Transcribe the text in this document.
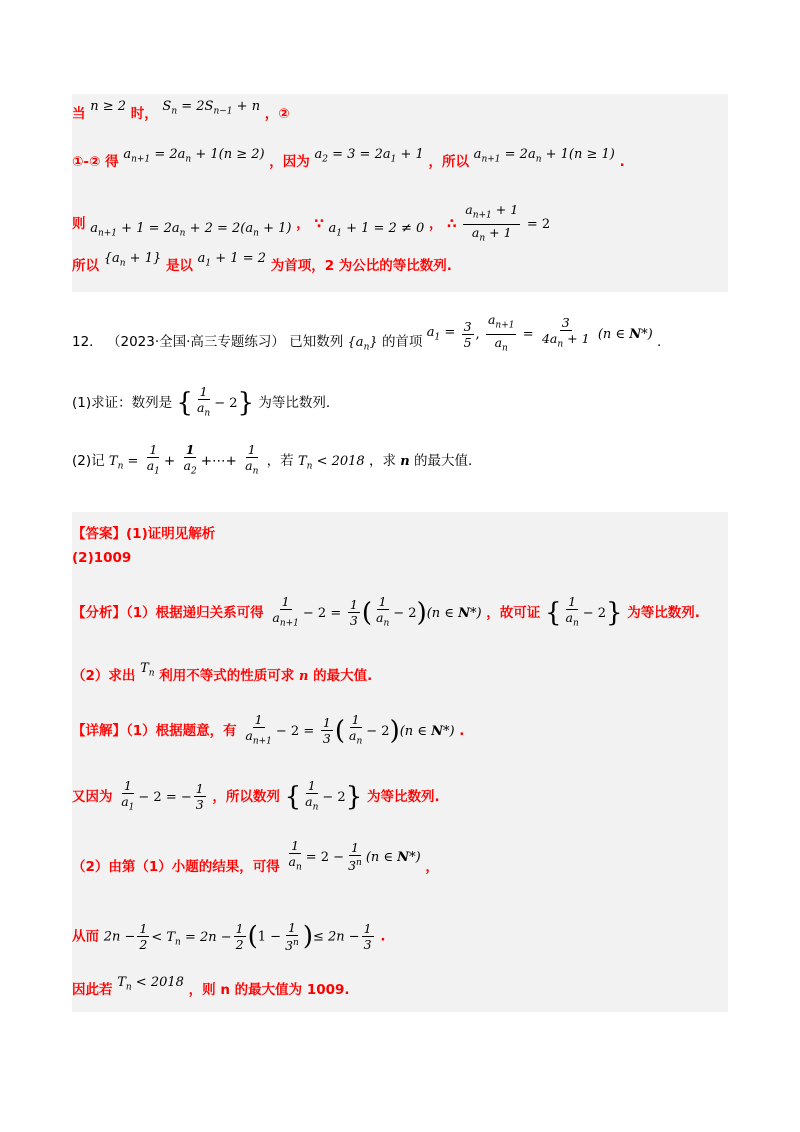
当 n ≥ 2 时， $S_n = 2S_{n-1} + n$ ，②
①-② 得 $a_{n+1} = 2a_n + 1(n \ge 2)$ ，因为 $a_2 = 3 = 2a_1 + 1$ ，所以 $a_{n+1} = 2a_n + 1(n \ge 1)$ .
则 $a_{n+1} + 1 = 2a_n + 2 = 2(a_n + 1)$ ， ∵ $a_1 + 1 = 2 \ne 0$ ， ∴ $\frac{a_{n+1} + 1}{a_n + 1} = 2$
所以 $\{a_n + 1\}$ 是以 $a_1 + 1 = 2$ 为首项，2 为公比的等比数列.
12． （2023·全国·高三专题练习） 已知数列 $\{a_n\}$ 的首项 $a_1 = \frac{3}{5}$ , $\frac{a_{n+1}}{a_n} = \frac{3}{4a_n + 1} (n$ ∈ N*) .
(1)求证：数列是 { $\frac{1}{a_n} - 2$} 为等比数列.
(2)记 $T_n = \frac{1}{a_1} + \frac{1}{a_2}$ +⋯+ $\frac{1}{a_n}$ ，若 $T_n < 2018$ ，求 n 的最大值.
【答案】(1)证明见解析
(2)1009
【分析】（1）根据递归关系可得 $\frac{1}{a_{n+1}} - 2 = \frac{1}{3}$ ( $\frac{1}{a_n} - 2)(n$ ∈ N*) ，故可证 { $\frac{1}{a_n} - 2$} 为等比数列.
（2）求出 $T_n$ 利用不等式的性质可求 n 的最大值.
【详解】（1）根据题意，有 $\frac{1}{a_{n+1}} - 2 = \frac{1}{3}$ ( $\frac{1}{a_n} - 2)(n$ ∈ N*) .
又因为 $\frac{1}{a_1} - 2$ = − $\frac{1}{3}$ ，所以数列 { $\frac{1}{a_n} - 2$} 为等比数列.
（2）由第（1）小题的结果，可得 $\frac{1}{a_n} = 2 - \frac{1}{3^n} (n$ ∈ N*) ，
从而 $2n - \frac{1}{2} < T_n = 2n - \frac{1}{2} (1 - \frac{1}{3^n}$ )≤ $2n - \frac{1}{3}$ .
因此若 $T_n < 2018$ ，则 n 的最大值为 1009.
